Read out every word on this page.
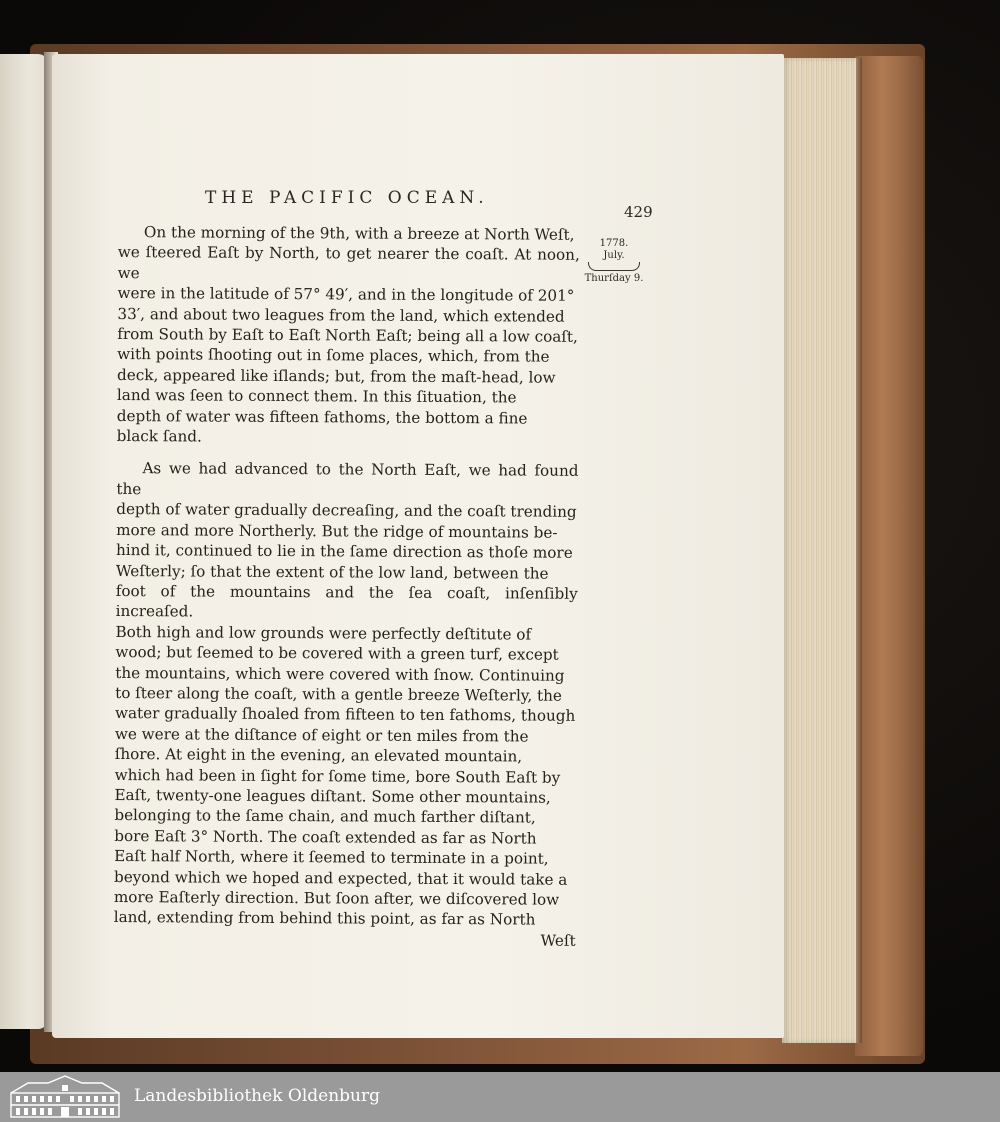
THE PACIFIC OCEAN.
429
1778.
July.
Thurſday 9.

On the morning of the 9th, with a breeze at North Weſt,
we ſteered Eaſt by North, to get nearer the coaſt. At noon, we
were in the latitude of 57° 49′, and in the longitude of 201°
33′, and about two leagues from the land, which extended
from South by Eaſt to Eaſt North Eaſt; being all a low coaſt,
with points ſhooting out in ſome places, which, from the
deck, appeared like iſlands; but, from the maſt-head, low
land was ſeen to connect them. In this ſituation, the
depth of water was fifteen fathoms, the bottom a fine
black ſand.

As we had advanced to the North Eaſt, we had found the
depth of water gradually decreaſing, and the coaſt trending
more and more Northerly. But the ridge of mountains be-
hind it, continued to lie in the ſame direction as thoſe more
Weſterly; ſo that the extent of the low land, between the
foot of the mountains and the ſea coaſt, inſenſibly increaſed.
Both high and low grounds were perfectly deſtitute of
wood; but ſeemed to be covered with a green turf, except
the mountains, which were covered with ſnow. Continuing
to ſteer along the coaſt, with a gentle breeze Weſterly, the
water gradually ſhoaled from fifteen to ten fathoms, though
we were at the diſtance of eight or ten miles from the
ſhore. At eight in the evening, an elevated mountain,
which had been in ſight for ſome time, bore South Eaſt by
Eaſt, twenty-one leagues diſtant. Some other mountains,
belonging to the ſame chain, and much farther diſtant,
bore Eaſt 3° North. The coaſt extended as far as North
Eaſt half North, where it ſeemed to terminate in a point,
beyond which we hoped and expected, that it would take a
more Eaſterly direction. But ſoon after, we diſcovered low
land, extending from behind this point, as far as North

Weſt
Landesbibliothek Oldenburg
